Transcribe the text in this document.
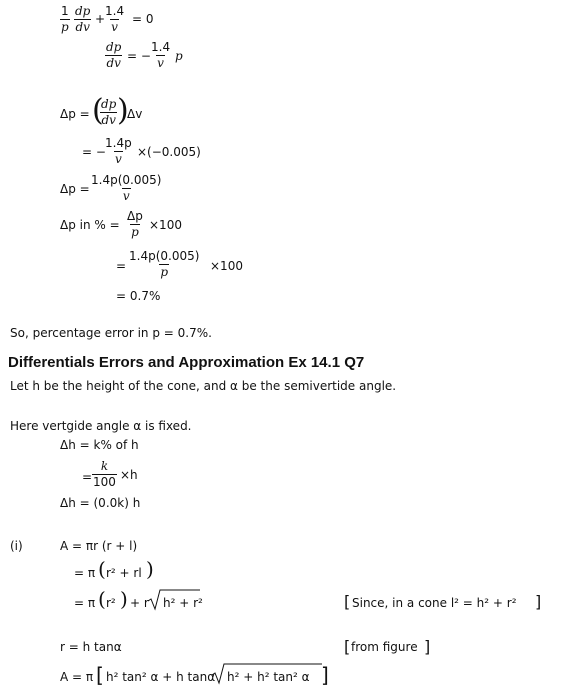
$\frac{1}{p} \frac{dp}{dv}$ +
$\frac{1.4}{v} = 0$
$\frac{dp}{dv}$ = − $\frac{1.4}{v}$ p
Δp = (
$\frac{dp}{dv}$ )
Δv
= −
$\frac{1.4p}{v} \times(-0.005)$
$\Delta p = \frac{1.4p(0.005)}{v}$
Δp in % = $\frac{\Delta p}{p} \times 100$
= $\frac{1.4p(0.005)}{p} \times 100$
= 0.7%
So, percentage error in p = 0.7%.
Differentials Errors and Approximation Ex 14.1 Q7
Let h be the height of the cone, and α be the semivertide angle.
Here vertgide angle α is fixed.
Δh = k% of h
= $\frac{k}{100} \times h$
Δh = (0.0k) h
(i)	A = πr (r + l)
= π ( r² + rl )
= π ( r² ) + r h² + r²	[ Since, in a cone l² = h² + r² ]
r = h tanα	[ from figure ]
A = π [ h² tan² α + h tanα h² + h² tan² α ]
